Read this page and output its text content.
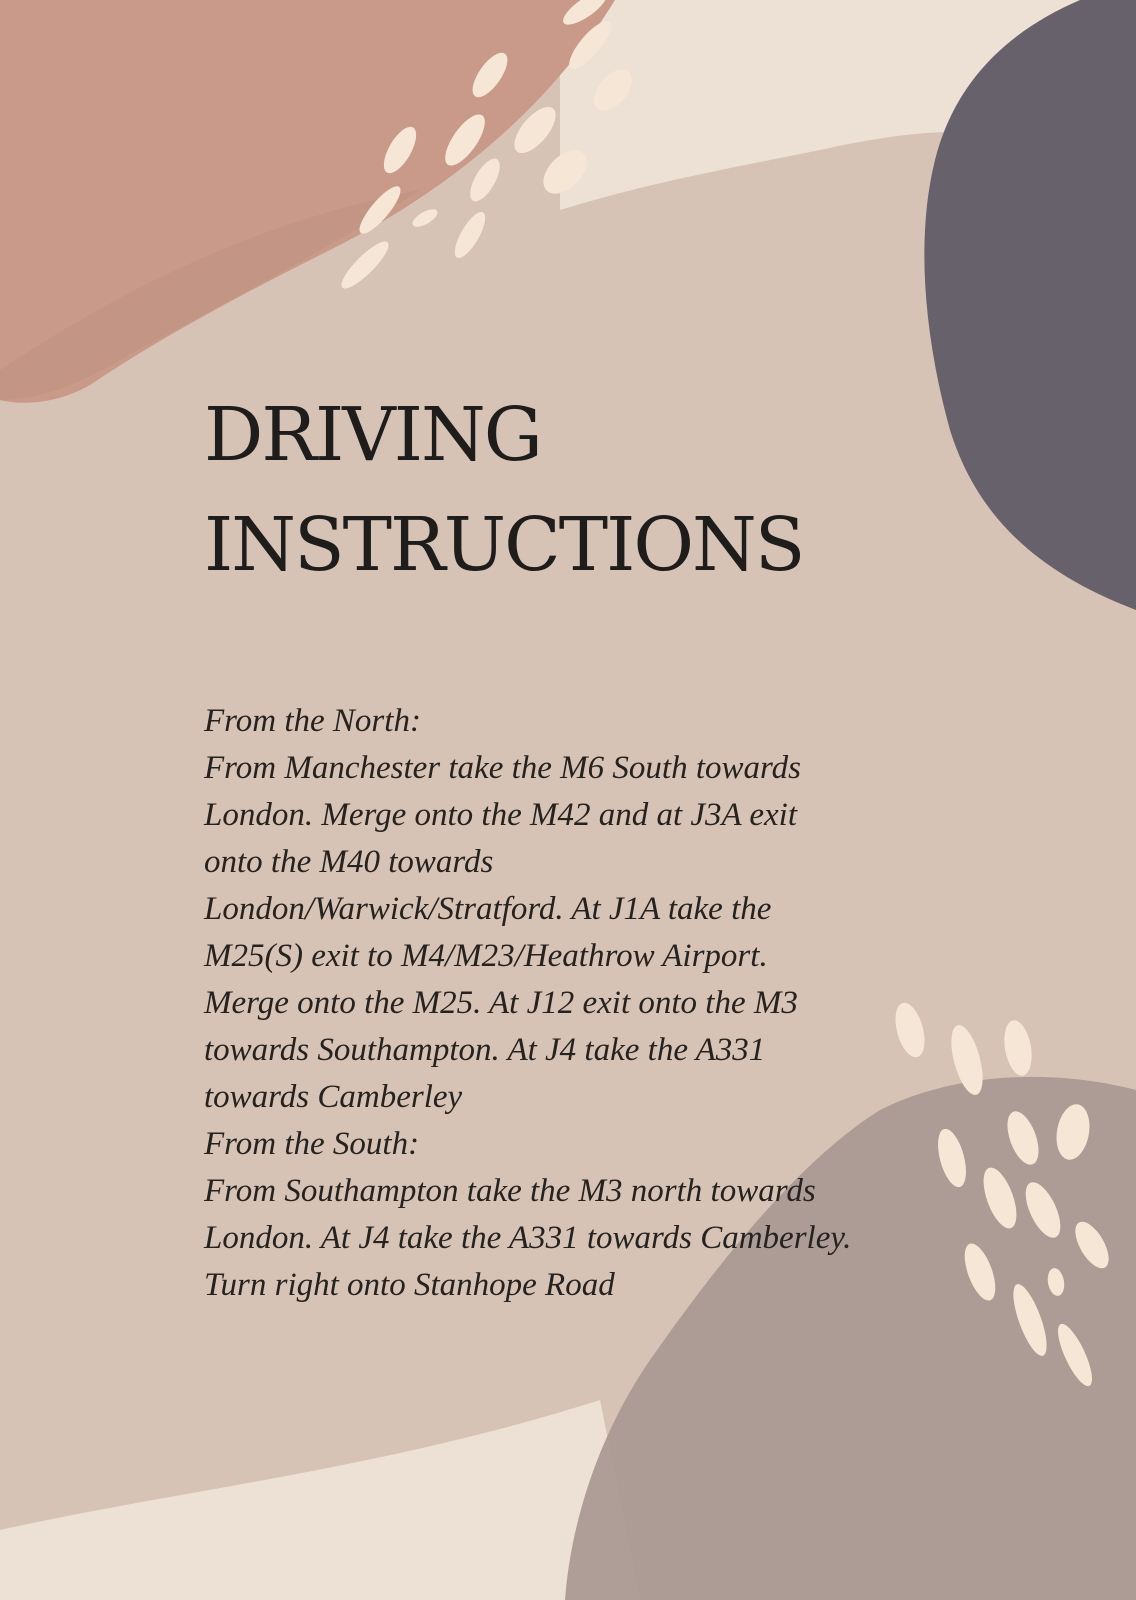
DRIVING
INSTRUCTIONS
From the North:
From Manchester take the M6 South towards
London. Merge onto the M42 and at J3A exit
onto the M40 towards
London/Warwick/Stratford. At J1A take the
M25(S) exit to M4/M23/Heathrow Airport.
Merge onto the M25. At J12 exit onto the M3
towards Southampton. At J4 take the A331
towards Camberley
From the South:
From Southampton take the M3 north towards
London. At J4 take the A331 towards Camberley.
Turn right onto Stanhope Road
